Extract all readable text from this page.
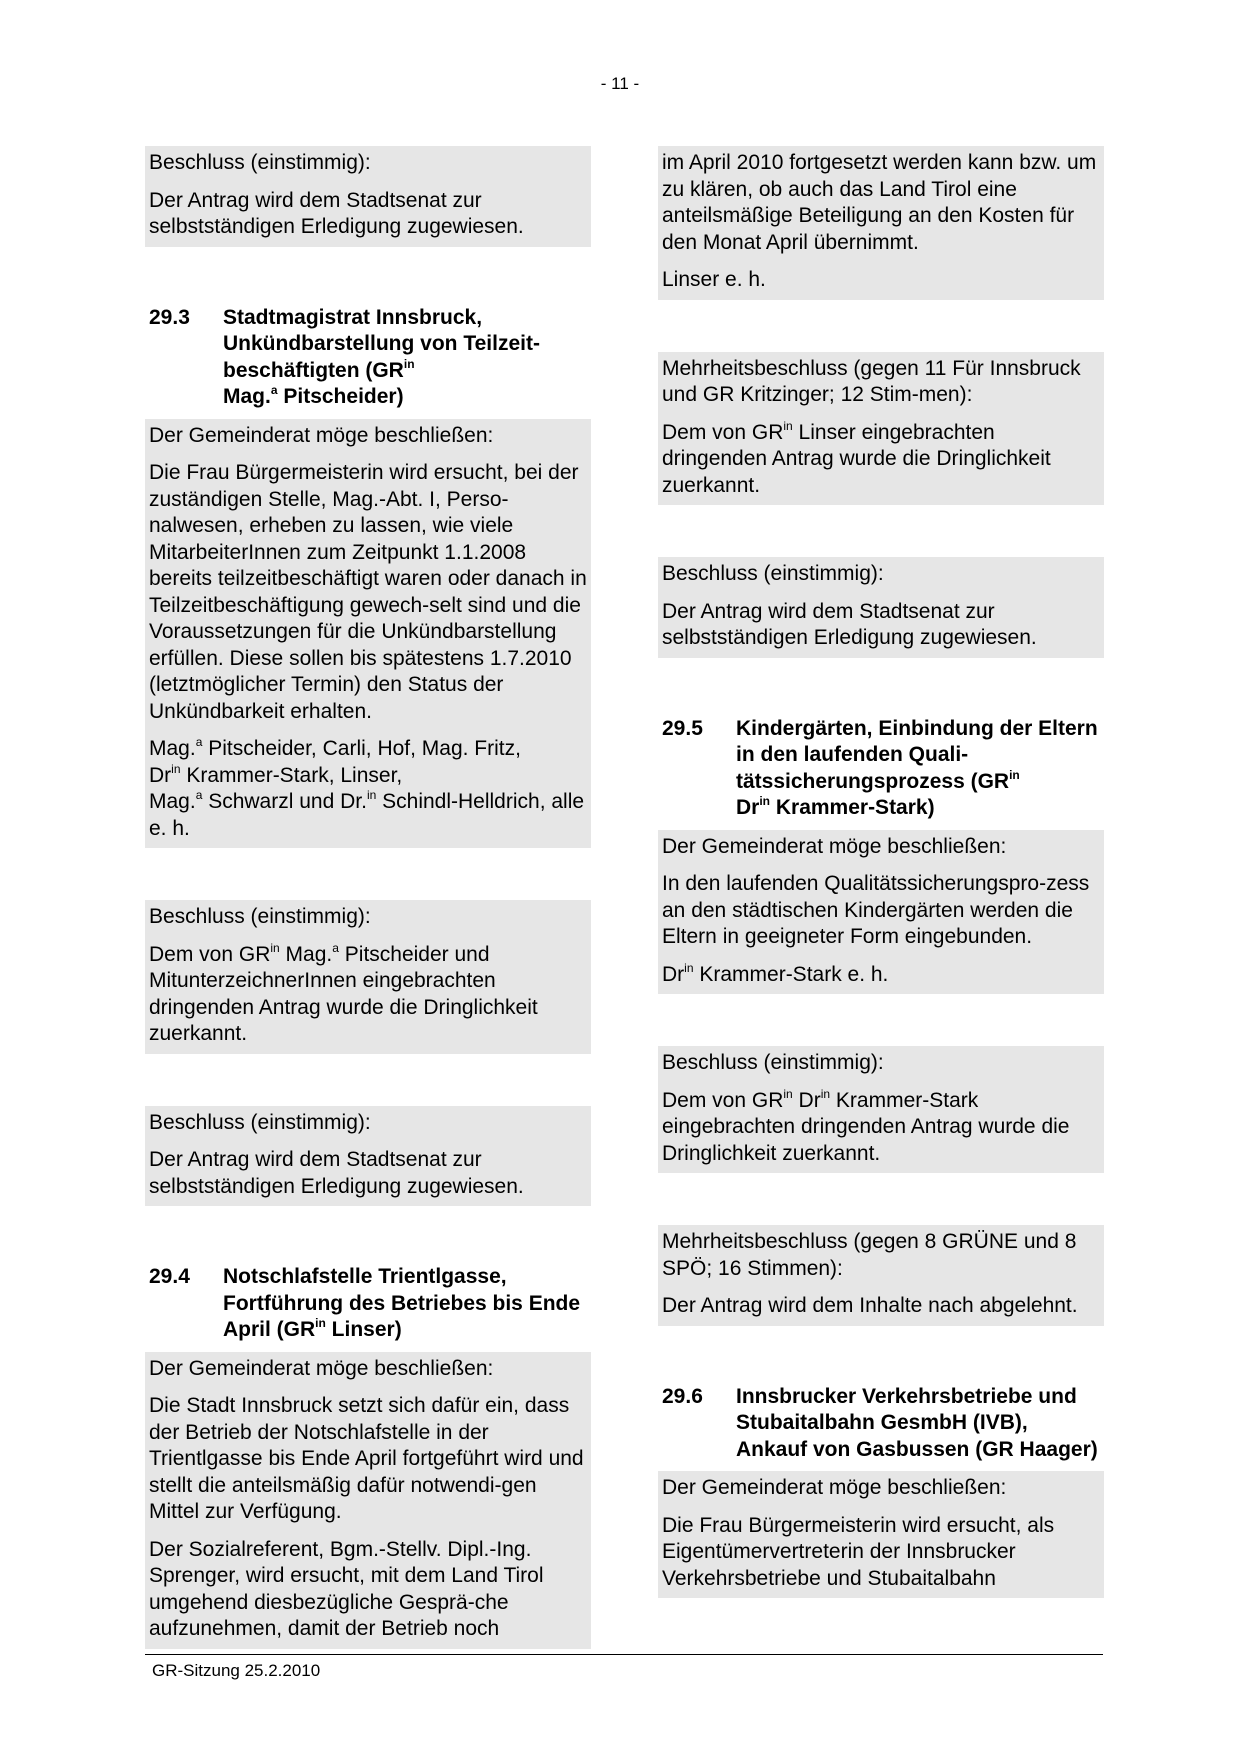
- 11 -

Beschluss (einstimmig):

Der Antrag wird dem Stadtsenat zur selbstständigen Erledigung zugewiesen.

29.3	Stadtmagistrat Innsbruck, Unkündbarstellung von Teilzeit-beschäftigten ($GR^{in}$
Mag.$^a$ Pitscheider)

Der Gemeinderat möge beschließen:

Die Frau Bürgermeisterin wird ersucht, bei der zuständigen Stelle, Mag.-Abt. I, Perso-nalwesen, erheben zu lassen, wie viele MitarbeiterInnen zum Zeitpunkt 1.1.2008 bereits teilzeitbeschäftigt waren oder danach in Teilzeitbeschäftigung gewech-selt sind und die Voraussetzungen für die Unkündbarstellung erfüllen. Diese sollen bis spätestens 1.7.2010 (letztmöglicher Termin) den Status der Unkündbarkeit erhalten.

Mag.$^a$ Pitscheider, Carli, Hof, Mag. Fritz,
$Dr^{in}$ Krammer-Stark, Linser,
Mag.$^a$ Schwarzl und Dr.$^{in}$ Schindl-Helldrich, alle e. h.

Beschluss (einstimmig):

Dem von $GR^{in}$ Mag.$^a$ Pitscheider und MitunterzeichnerInnen eingebrachten dringenden Antrag wurde die Dringlichkeit zuerkannt.

Beschluss (einstimmig):

Der Antrag wird dem Stadtsenat zur selbstständigen Erledigung zugewiesen.

29.4	Notschlafstelle Trientlgasse, Fortführung des Betriebes bis Ende April ($GR^{in}$ Linser)

Der Gemeinderat möge beschließen:

Die Stadt Innsbruck setzt sich dafür ein, dass der Betrieb der Notschlafstelle in der Trientlgasse bis Ende April fortgeführt wird und stellt die anteilsmäßig dafür notwendi-gen Mittel zur Verfügung.

Der Sozialreferent, Bgm.-Stellv. Dipl.-Ing. Sprenger, wird ersucht, mit dem Land Tirol umgehend diesbezügliche Gesprä-che aufzunehmen, damit der Betrieb noch

im April 2010 fortgesetzt werden kann bzw. um zu klären, ob auch das Land Tirol eine anteilsmäßige Beteiligung an den Kosten für den Monat April übernimmt.

Linser e. h.

Mehrheitsbeschluss (gegen 11 Für Innsbruck und GR Kritzinger; 12 Stim-men):

Dem von $GR^{in}$ Linser eingebrachten dringenden Antrag wurde die Dringlichkeit zuerkannt.

Beschluss (einstimmig):

Der Antrag wird dem Stadtsenat zur selbstständigen Erledigung zugewiesen.

29.5	Kindergärten, Einbindung der Eltern in den laufenden Quali-tätssicherungsprozess ($GR^{in}$
$Dr^{in}$ Krammer-Stark)

Der Gemeinderat möge beschließen:

In den laufenden Qualitätssicherungspro-zess an den städtischen Kindergärten werden die Eltern in geeigneter Form eingebunden.

$Dr^{in}$ Krammer-Stark e. h.

Beschluss (einstimmig):

Dem von $GR^{in}$ $Dr^{in}$ Krammer-Stark eingebrachten dringenden Antrag wurde die Dringlichkeit zuerkannt.

Mehrheitsbeschluss (gegen 8 GRÜNE und 8 SPÖ; 16 Stimmen):

Der Antrag wird dem Inhalte nach abgelehnt.

29.6	Innsbrucker Verkehrsbetriebe und Stubaitalbahn GesmbH (IVB), Ankauf von Gasbussen (GR Haager)

Der Gemeinderat möge beschließen:

Die Frau Bürgermeisterin wird ersucht, als Eigentümervertreterin der Innsbrucker Verkehrsbetriebe und Stubaitalbahn

GR-Sitzung 25.2.2010
